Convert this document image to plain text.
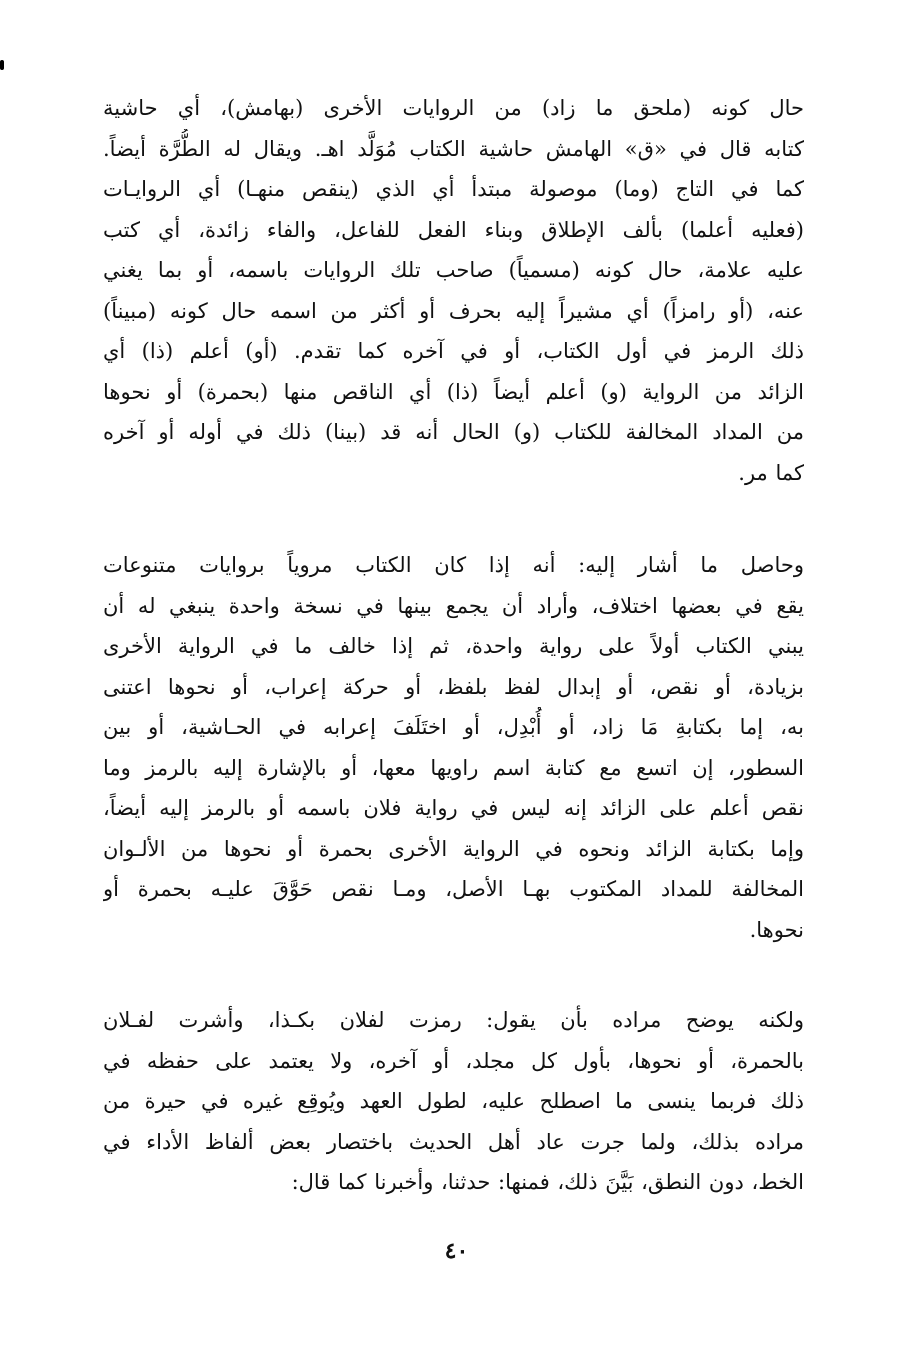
حال كونه (ملحق ما زاد) من الروايات الأخرى (بهامش)، أي حاشية
كتابه قال في «ق» الهامش حاشية الكتاب مُوَلَّد اهـ. ويقال له الطُّرَّة أيضاً.
كما في التاج (وما) موصولة مبتدأ أي الذي (ينقص منهـا) أي الروايـات
(فعليه أعلما) بألف الإطلاق وبناء الفعل للفاعل، والفاء زائدة، أي كتب
عليه علامة، حال كونه (مسمياً) صاحب تلك الروايات باسمه، أو بما يغني
عنه، (أو رامزاً) أي مشيراً إليه بحرف أو أكثر من اسمه حال كونه (مبيناً)
ذلك الرمز في أول الكتاب، أو في آخره كما تقدم. (أو) أعلم (ذا) أي
الزائد من الرواية (و) أعلم أيضاً (ذا) أي الناقص منها (بحمرة) أو نحوها
من المداد المخالفة للكتاب (و) الحال أنه قد (بينا) ذلك في أوله أو آخره
كما مر.
وحاصل ما أشار إليه: أنه إذا كان الكتاب مروياً بروايات متنوعات
يقع في بعضها اختلاف، وأراد أن يجمع بينها في نسخة واحدة ينبغي له أن
يبني الكتاب أولاً على رواية واحدة، ثم إذا خالف ما في الرواية الأخرى
بزيادة، أو نقص، أو إبدال لفظ بلفظ، أو حركة إعراب، أو نحوها اعتنى
به، إما بكتابةِ مَا زاد، أو أُبْدِل، أو اختَلَفَ إعرابه في الحـاشية، أو بين
السطور، إن اتسع مع كتابة اسم راويها معها، أو بالإشارة إليه بالرمز وما
نقص أعلم على الزائد إنه ليس في رواية فلان باسمه أو بالرمز إليه أيضاً،
وإما بكتابة الزائد ونحوه في الرواية الأخرى بحمرة أو نحوها من الألـوان
المخالفة للمداد المكتوب بهـا الأصل، ومـا نقص حَوَّقَ عليـه بحمرة أو
نحوها.
ولكنه يوضح مراده بأن يقول: رمزت لفلان بكـذا، وأشرت لفـلان
بالحمرة، أو نحوها، بأول كل مجلد، أو آخره، ولا يعتمد على حفظه في
ذلك فربما ينسى ما اصطلح عليه، لطول العهد ويُوقِع غيره في حيرة من
مراده بذلك، ولما جرت عاد أهل الحديث باختصار بعض ألفاظ الأداء في
الخط، دون النطق، بَيَّنَ ذلك، فمنها: حدثنا، وأخبرنا كما قال:
٤٠
